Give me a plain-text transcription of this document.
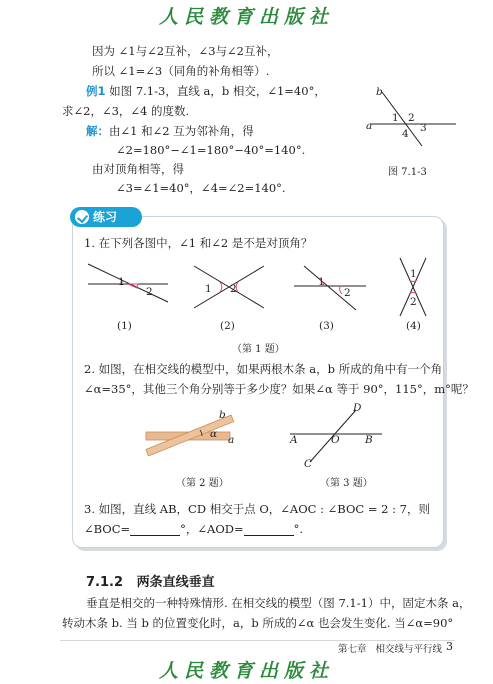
人民教育出版社
因为 ∠1与∠2互补，∠3与∠2互补，
所以 ∠1=∠3（同角的补角相等）.
例1 如图 7.1-3，直线 a，b 相交，∠1=40°，
求∠2，∠3，∠4 的度数.
解：由∠1 和∠2 互为邻补角，得
∠2=180°−∠1=180°−40°=140°.
由对顶角相等，得
∠3=∠1=40°，∠4=∠2=140°.
b
a
1 2
3
4
图 7.1-3
练习
1. 在下列各图中，∠1 和∠2 是不是对顶角？
1
2	1 2
1
2
1
2
(1)	(2)	(3)	(4)
（第 1 题）
2. 如图，在相交线的模型中，如果两根木条 a，b 所成的角中有一个角
∠α=35°，其他三个角分别等于多少度？如果∠α 等于 90°，115°，m°呢？
b
α a
（第 2 题）
D
A	O B
C
（第 3 题）
3. 如图，直线 AB，CD 相交于点 O，∠AOC : ∠BOC = 2 : 7，则
∠BOC=	°，∠AOD=	°.
7.1.2   两条直线垂直
垂直是相交的一种特殊情形. 在相交线的模型（图 7.1-1）中，固定木条 a，
转动木条 b. 当 b 的位置变化时，a，b 所成的∠α 也会发生变化. 当∠α=90°
第七章   相交线与平行线 3
人民教育出版社
